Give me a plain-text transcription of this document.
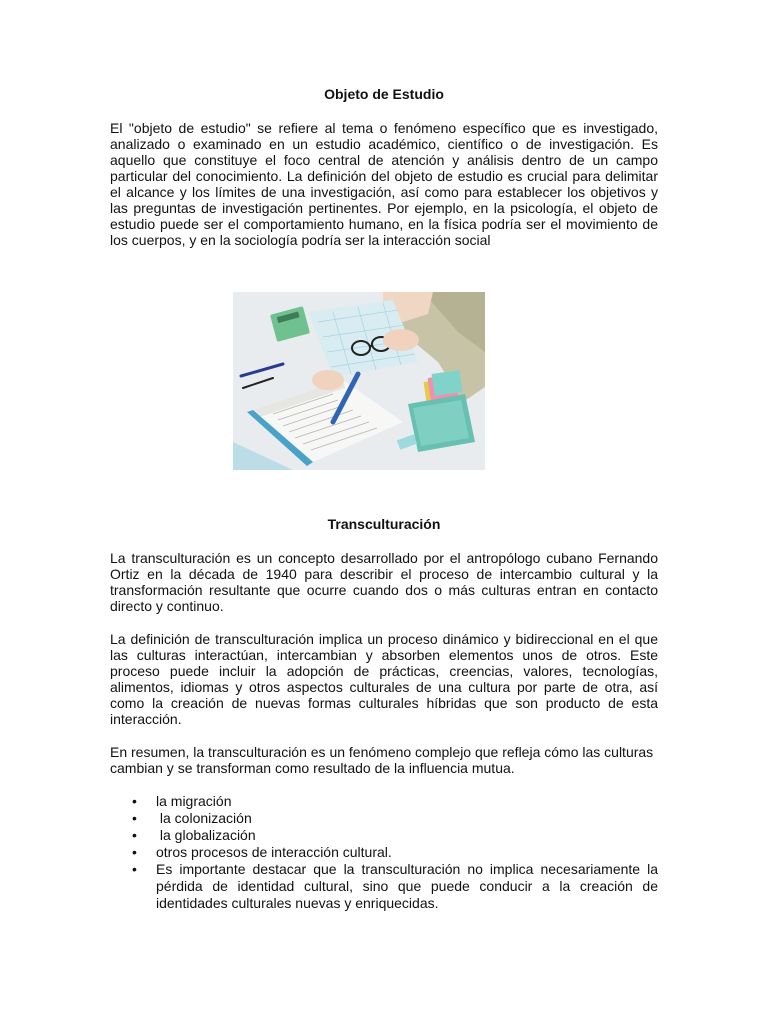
Objeto de Estudio

El "objeto de estudio" se refiere al tema o fenómeno específico que es investigado, analizado o examinado en un estudio académico, científico o de investigación. Es aquello que constituye el foco central de atención y análisis dentro de un campo particular del conocimiento. La definición del objeto de estudio es crucial para delimitar el alcance y los límites de una investigación, así como para establecer los objetivos y las preguntas de investigación pertinentes. Por ejemplo, en la psicología, el objeto de estudio puede ser el comportamiento humano, en la física podría ser el movimiento de los cuerpos, y en la sociología podría ser la interacción social

Transculturación

La transculturación es un concepto desarrollado por el antropólogo cubano Fernando Ortiz en la década de 1940 para describir el proceso de intercambio cultural y la transformación resultante que ocurre cuando dos o más culturas entran en contacto directo y continuo.

La definición de transculturación implica un proceso dinámico y bidireccional en el que las culturas interactúan, intercambian y absorben elementos unos de otros. Este proceso puede incluir la adopción de prácticas, creencias, valores, tecnologías, alimentos, idiomas y otros aspectos culturales de una cultura por parte de otra, así como la creación de nuevas formas culturales híbridas que son producto de esta interacción.

En resumen, la transculturación es un fenómeno complejo que refleja cómo las culturas cambian y se transforman como resultado de la influencia mutua.

• la migración
•  la colonización
•  la globalización
• otros procesos de interacción cultural.
• Es importante destacar que la transculturación no implica necesariamente la pérdida de identidad cultural, sino que puede conducir a la creación de identidades culturales nuevas y enriquecidas.
